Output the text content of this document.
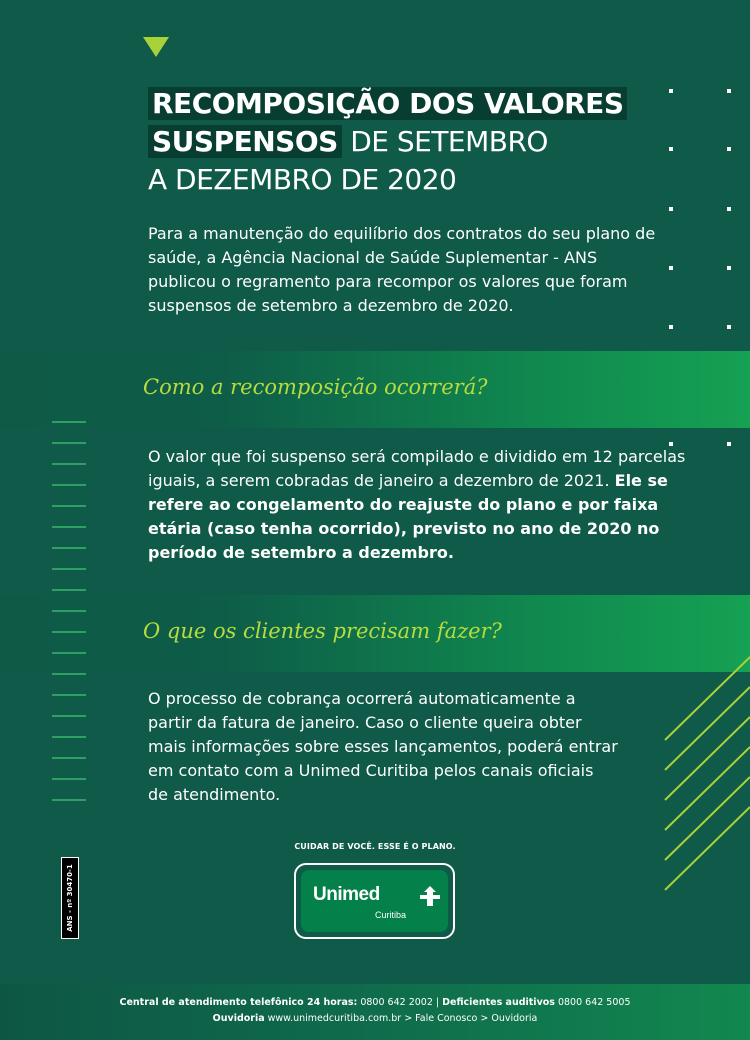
RECOMPOSIÇÃO DOS VALORES
SUSPENSOS DE SETEMBRO
A DEZEMBRO DE 2020

Para a manutenção do equilíbrio dos contratos do seu plano de saúde, a Agência Nacional de Saúde Suplementar - ANS publicou o regramento para recompor os valores que foram suspensos de setembro a dezembro de 2020.

Como a recomposição ocorrerá?

O valor que foi suspenso será compilado e dividido em 12 parcelas iguais, a serem cobradas de janeiro a dezembro de 2021. Ele se refere ao congelamento do reajuste do plano e por faixa etária (caso tenha ocorrido), previsto no ano de 2020 no período de setembro a dezembro.

O que os clientes precisam fazer?

O processo de cobrança ocorrerá automaticamente a partir da fatura de janeiro. Caso o cliente queira obter mais informações sobre esses lançamentos, poderá entrar em contato com a Unimed Curitiba pelos canais oficiais de atendimento.

ANS - nº 30470-1
CUIDAR DE VOCÊ. ESSE É O PLANO.
Unimed
Curitiba
Central de atendimento telefônico 24 horas: 0800 642 2002 | Deficientes auditivos 0800 642 5005
Ouvidoria www.unimedcuritiba.com.br > Fale Conosco > Ouvidoria
